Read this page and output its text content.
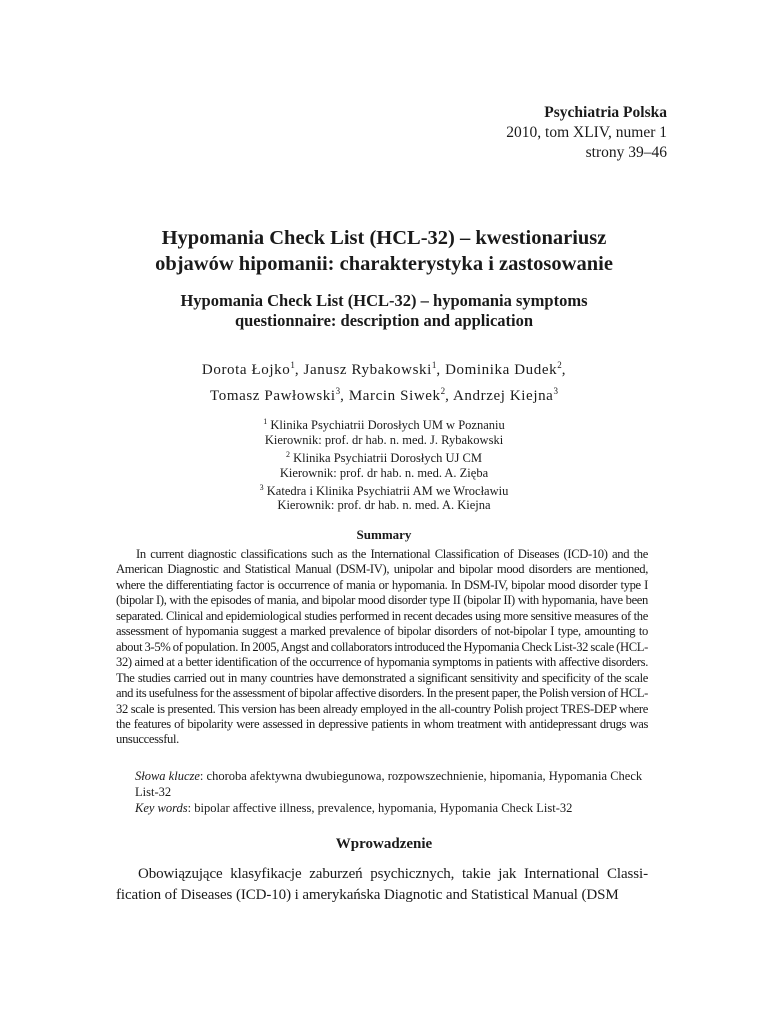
Psychiatria Polska
2010, tom XLIV, numer 1
strony 39–46
Hypomania Check List (HCL-32) – kwestionariusz
objawów hipomanii: charakterystyka i zastosowanie
Hypomania Check List (HCL-32) – hypomania symptoms
questionnaire: description and application
Dorota Łojko$^1$, Janusz Rybakowski$^1$, Dominika Dudek$^2$,
Tomasz Pawłowski$^3$, Marcin Siwek$^2$, Andrzej Kiejna$^3$
$^1$ Klinika Psychiatrii Dorosłych UM w Poznaniu
Kierownik: prof. dr hab. n. med. J. Rybakowski
$^2$ Klinika Psychiatrii Dorosłych UJ CM
Kierownik: prof. dr hab. n. med. A. Zięba
$^3$ Katedra i Klinika Psychiatrii AM we Wrocławiu
Kierownik: prof. dr hab. n. med. A. Kiejna
Summary

In current diagnostic classifications such as the International Classification of Diseases (ICD-10) and the American Diagnostic and Statistical Manual (DSM-IV), unipolar and bipolar mood disorders are mentioned, where the differentiating factor is occurrence of mania or hypomania. In DSM-IV, bipolar mood disorder type I (bipolar I), with the episodes of mania, and bipolar mood disorder type II (bipolar II) with hypomania, have been separated. Clinical and epidemiological studies performed in recent decades using more sensitive measures of the assessment of hypomania suggest a marked prevalence of bipolar disorders of not-bipolar I type, amounting to about 3-5% of population. In 2005, Angst and collaborators introduced the Hypomania Check List-32 scale (HCL-32) aimed at a better identification of the occurrence of hypomania symptoms in patients with affective disorders. The studies carried out in many countries have demonstrated a significant sensitivity and specificity of the scale and its usefulness for the assessment of bipolar affective disorders. In the present paper, the Polish version of HCL-32 scale is presented. This version has been already employed in the all-country Polish project TRES-DEP where the features of bipolarity were assessed in depressive patients in whom treatment with antidepressant drugs was unsuccessful.

Słowa klucze: choroba afektywna dwubiegunowa, rozpowszechnienie, hipomania, Hypomania Check List-32
Key words: bipolar affective illness, prevalence, hypomania, Hypomania Check List-32
Wprowadzenie

Obowiązujące klasyfikacje zaburzeń psychicznych, takie jak International Classi-fication of Diseases (ICD-10) i amerykańska Diagnotic and Statistical Manual (DSM
